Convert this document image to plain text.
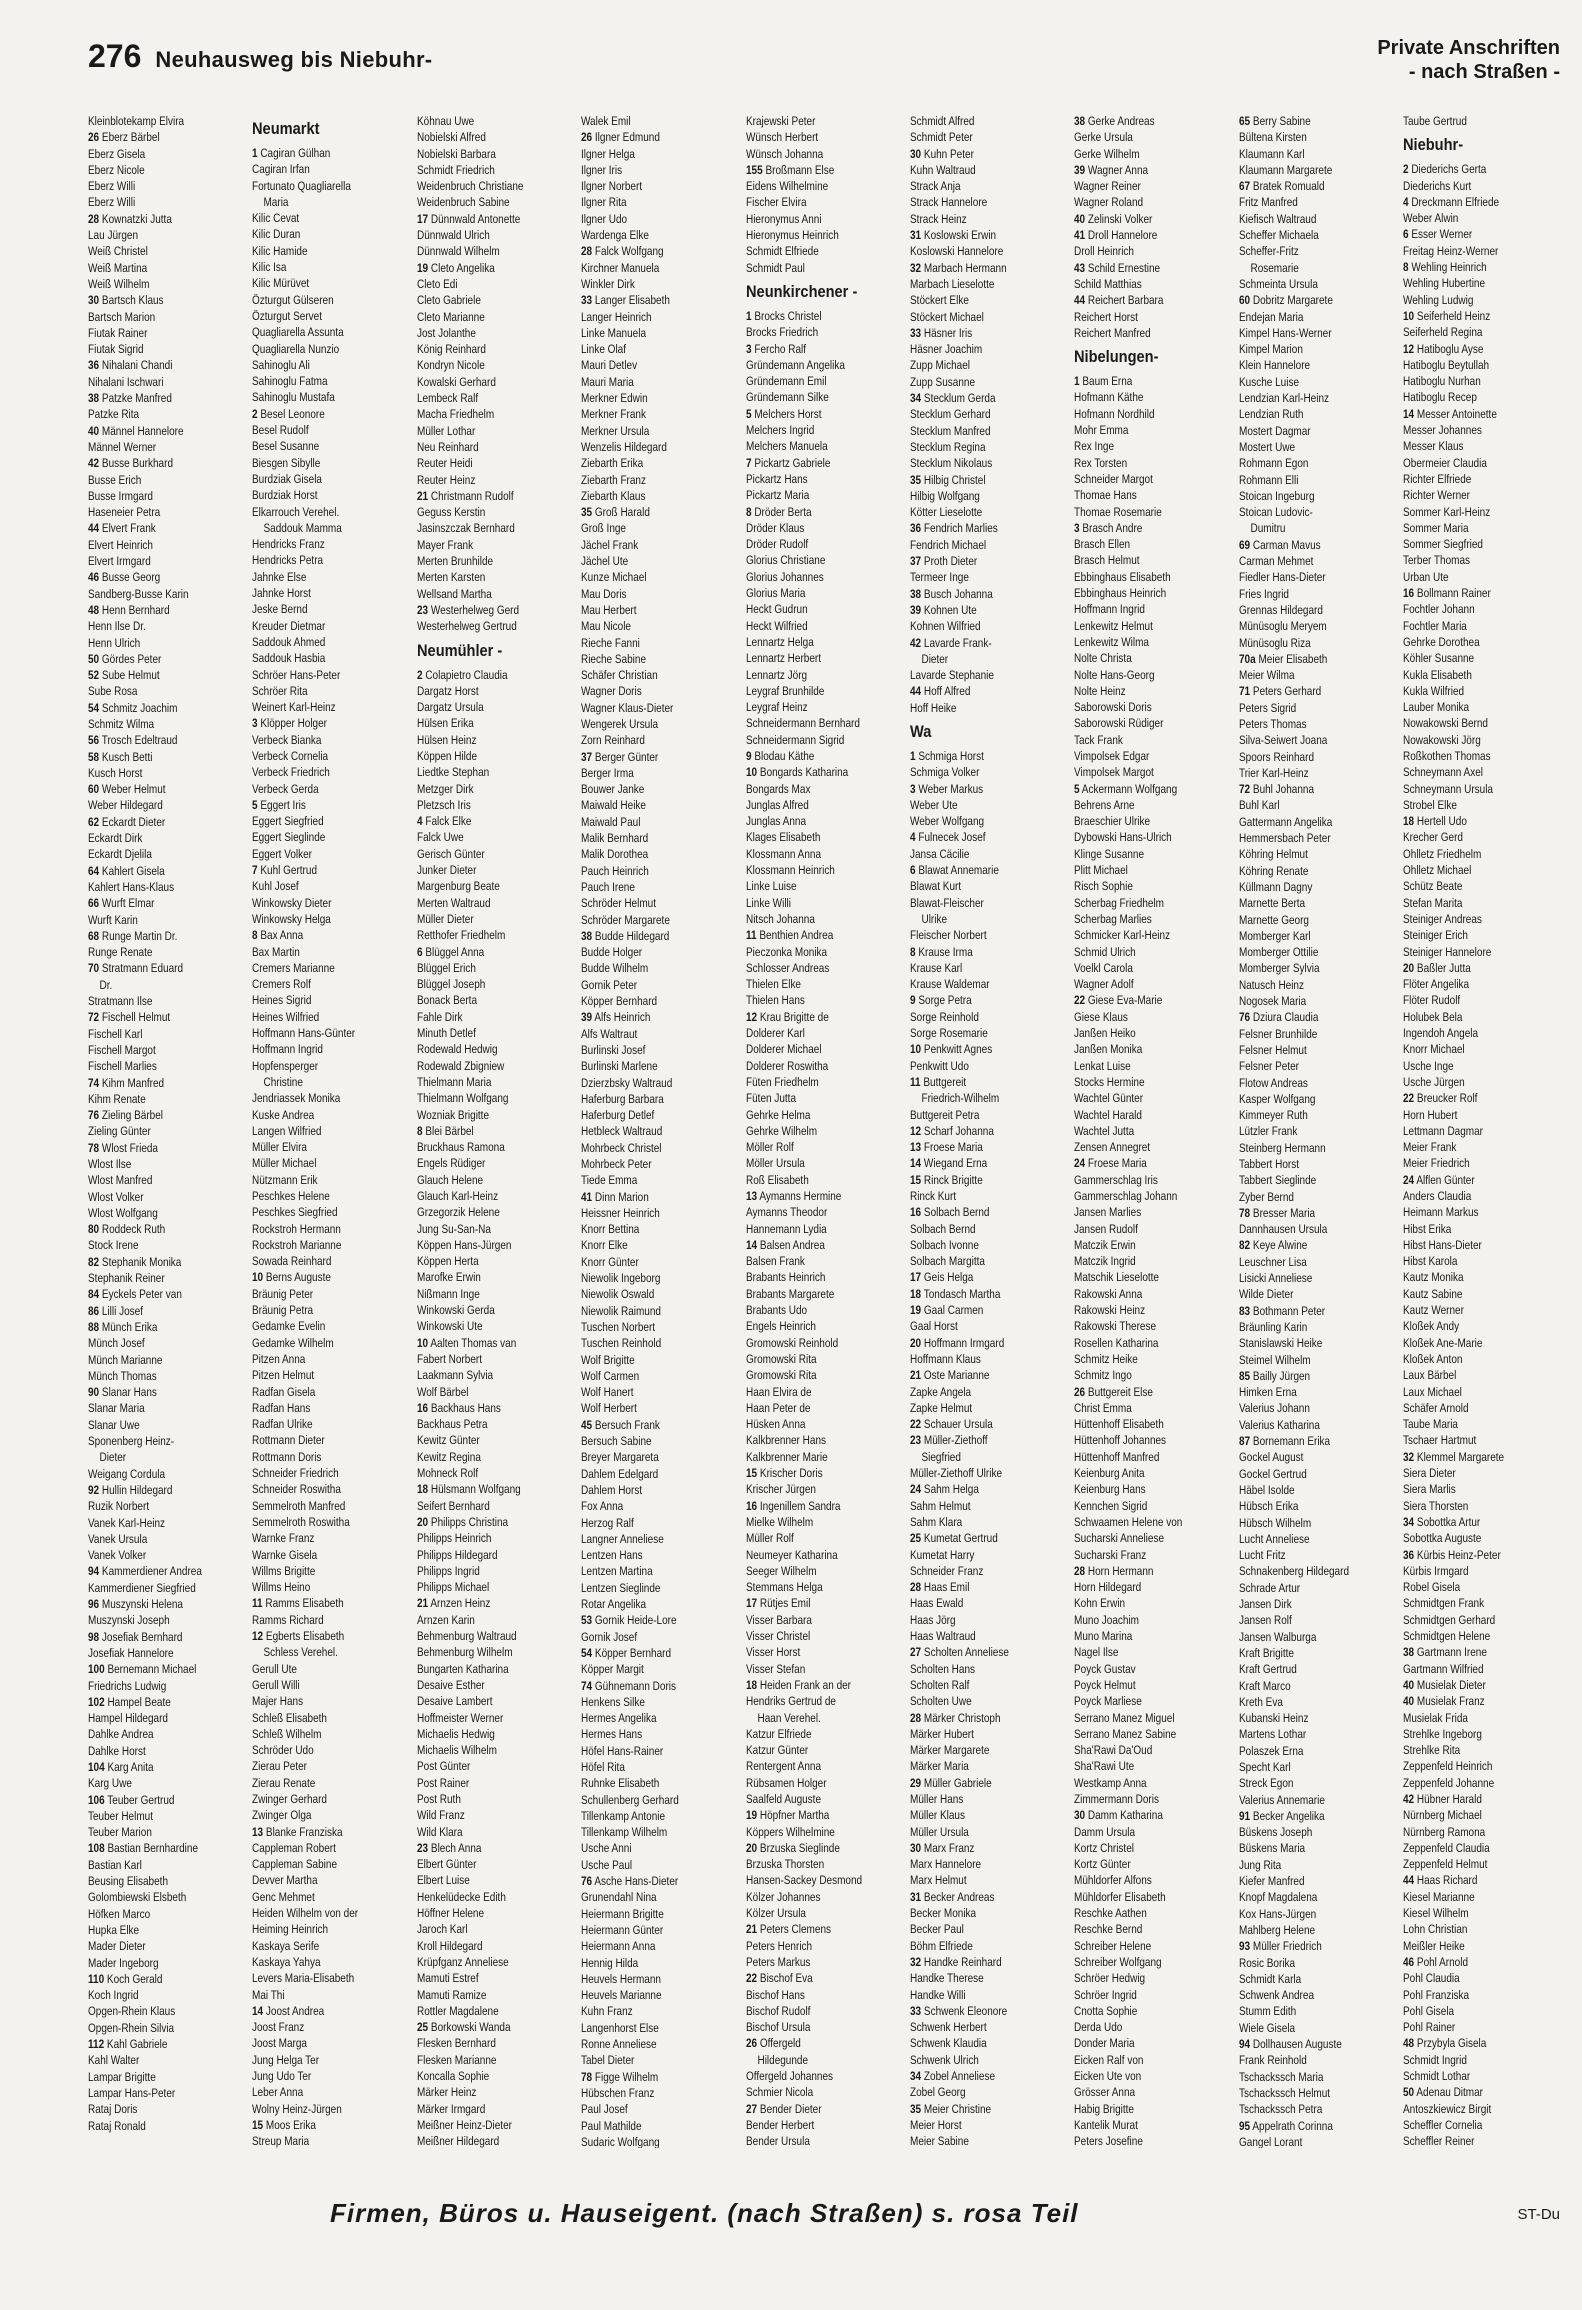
276 Neuhausweg bis Niebuhr-	Private Anschriften
- nach Straßen -
Kleinblotekamp Elvira
26 Eberz Bärbel
Eberz Gisela
Eberz Nicole
Eberz Willi
Eberz Willi
28 Kownatzki Jutta
Lau Jürgen
Weiß Christel
Weiß Martina
Weiß Wilhelm
30 Bartsch Klaus
Bartsch Marion
Fiutak Rainer
Fiutak Sigrid
36 Nihalani Chandi
Nihalani Ischwari
38 Patzke Manfred
Patzke Rita
40 Männel Hannelore
Männel Werner
42 Busse Burkhard
Busse Erich
Busse Irmgard
Haseneier Petra
44 Elvert Frank
Elvert Heinrich
Elvert Irmgard
46 Busse Georg
Sandberg-Busse Karin
48 Henn Bernhard
Henn Ilse Dr.
Henn Ulrich
50 Gördes Peter
52 Sube Helmut
Sube Rosa
54 Schmitz Joachim
Schmitz Wilma
56 Trosch Edeltraud
58 Kusch Betti
Kusch Horst
60 Weber Helmut
Weber Hildegard
62 Eckardt Dieter
Eckardt Dirk
Eckardt Djelila
64 Kahlert Gisela
Kahlert Hans-Klaus
66 Wurft Elmar
Wurft Karin
68 Runge Martin Dr.
Runge Renate
70 Stratmann Eduard
Dr.
Stratmann Ilse
72 Fischell Helmut
Fischell Karl
Fischell Margot
Fischell Marlies
74 Kihm Manfred
Kihm Renate
76 Zieling Bärbel
Zieling Günter
78 Wlost Frieda
Wlost Ilse
Wlost Manfred
Wlost Volker
Wlost Wolfgang
80 Roddeck Ruth
Stock Irene
82 Stephanik Monika
Stephanik Reiner
84 Eyckels Peter van
86 Lilli Josef
88 Münch Erika
Münch Josef
Münch Marianne
Münch Thomas
90 Slanar Hans
Slanar Maria
Slanar Uwe
Sponenberg Heinz-
Dieter
Weigang Cordula
92 Hullin Hildegard
Ruzik Norbert
Vanek Karl-Heinz
Vanek Ursula
Vanek Volker
94 Kammerdiener Andrea
Kammerdiener Siegfried
96 Muszynski Helena
Muszynski Joseph
98 Josefiak Bernhard
Josefiak Hannelore
100 Bernemann Michael
Friedrichs Ludwig
102 Hampel Beate
Hampel Hildegard
Dahlke Andrea
Dahlke Horst
104 Karg Anita
Karg Uwe
106 Teuber Gertrud
Teuber Helmut
Teuber Marion
108 Bastian Bernhardine
Bastian Karl
Beusing Elisabeth
Golombiewski Elsbeth
Höfken Marco
Hupka Elke
Mader Dieter
Mader Ingeborg
110 Koch Gerald
Koch Ingrid
Opgen-Rhein Klaus
Opgen-Rhein Silvia
112 Kahl Gabriele
Kahl Walter
Lampar Brigitte
Lampar Hans-Peter
Rataj Doris
Rataj Ronald
Neumarkt
1 Cagiran Gülhan
Cagiran Irfan
Fortunato Quagliarella
Maria
Kilic Cevat
Kilic Duran
Kilic Hamide
Kilic Isa
Kilic Mürüvet
Özturgut Gülseren
Özturgut Servet
Quagliarella Assunta
Quagliarella Nunzio
Sahinoglu Ali
Sahinoglu Fatma
Sahinoglu Mustafa
2 Besel Leonore
Besel Rudolf
Besel Susanne
Biesgen Sibylle
Burdziak Gisela
Burdziak Horst
Elkarrouch Verehel.
Saddouk Mamma
Hendricks Franz
Hendricks Petra
Jahnke Else
Jahnke Horst
Jeske Bernd
Kreuder Dietmar
Saddouk Ahmed
Saddouk Hasbia
Schröer Hans-Peter
Schröer Rita
Weinert Karl-Heinz
3 Klöpper Holger
Verbeck Bianka
Verbeck Cornelia
Verbeck Friedrich
Verbeck Gerda
5 Eggert Iris
Eggert Siegfried
Eggert Sieglinde
Eggert Volker
7 Kuhl Gertrud
Kuhl Josef
Winkowsky Dieter
Winkowsky Helga
8 Bax Anna
Bax Martin
Cremers Marianne
Cremers Rolf
Heines Sigrid
Heines Wilfried
Hoffmann Hans-Günter
Hoffmann Ingrid
Hopfensperger
Christine
Jendriassek Monika
Kuske Andrea
Langen Wilfried
Müller Elvira
Müller Michael
Nützmann Erik
Peschkes Helene
Peschkes Siegfried
Rockstroh Hermann
Rockstroh Marianne
Sowada Reinhard
10 Berns Auguste
Bräunig Peter
Bräunig Petra
Gedamke Evelin
Gedamke Wilhelm
Pitzen Anna
Pitzen Helmut
Radfan Gisela
Radfan Hans
Radfan Ulrike
Rottmann Dieter
Rottmann Doris
Schneider Friedrich
Schneider Roswitha
Semmelroth Manfred
Semmelroth Roswitha
Warnke Franz
Warnke Gisela
Willms Brigitte
Willms Heino
11 Ramms Elisabeth
Ramms Richard
12 Egberts Elisabeth
Schless Verehel.
Gerull Ute
Gerull Willi
Majer Hans
Schleß Elisabeth
Schleß Wilhelm
Schröder Udo
Zierau Peter
Zierau Renate
Zwinger Gerhard
Zwinger Olga
13 Blanke Franziska
Cappleman Robert
Cappleman Sabine
Devver Martha
Genc Mehmet
Heiden Wilhelm von der
Heiming Heinrich
Kaskaya Serife
Kaskaya Yahya
Levers Maria-Elisabeth
Mai Thi
14 Joost Andrea
Joost Franz
Joost Marga
Jung Helga Ter
Jung Udo Ter
Leber Anna
Wolny Heinz-Jürgen
15 Moos Erika
Streup Maria
Köhnau Uwe
Nobielski Alfred
Nobielski Barbara
Schmidt Friedrich
Weidenbruch Christiane
Weidenbruch Sabine
17 Dünnwald Antonette
Dünnwald Ulrich
Dünnwald Wilhelm
19 Cleto Angelika
Cleto Edi
Cleto Gabriele
Cleto Marianne
Jost Jolanthe
König Reinhard
Kondryn Nicole
Kowalski Gerhard
Lembeck Ralf
Macha Friedhelm
Müller Lothar
Neu Reinhard
Reuter Heidi
Reuter Heinz
21 Christmann Rudolf
Geguss Kerstin
Jasinszczak Bernhard
Mayer Frank
Merten Brunhilde
Merten Karsten
Wellsand Martha
23 Westerhelweg Gerd
Westerhelweg Gertrud
Neumühler -
2 Colapietro Claudia
Dargatz Horst
Dargatz Ursula
Hülsen Erika
Hülsen Heinz
Köppen Hilde
Liedtke Stephan
Metzger Dirk
Pletzsch Iris
4 Falck Elke
Falck Uwe
Gerisch Günter
Junker Dieter
Margenburg Beate
Merten Waltraud
Müller Dieter
Retthofer Friedhelm
6 Blüggel Anna
Blüggel Erich
Blüggel Joseph
Bonack Berta
Fahle Dirk
Minuth Detlef
Rodewald Hedwig
Rodewald Zbigniew
Thielmann Maria
Thielmann Wolfgang
Wozniak Brigitte
8 Blei Bärbel
Bruckhaus Ramona
Engels Rüdiger
Glauch Helene
Glauch Karl-Heinz
Grzegorzik Helene
Jung Su-San-Na
Köppen Hans-Jürgen
Köppen Herta
Marofke Erwin
Nißmann Inge
Winkowski Gerda
Winkowski Ute
10 Aalten Thomas van
Fabert Norbert
Laakmann Sylvia
Wolf Bärbel
16 Backhaus Hans
Backhaus Petra
Kewitz Günter
Kewitz Regina
Mohneck Rolf
18 Hülsmann Wolfgang
Seifert Bernhard
20 Philipps Christina
Philipps Heinrich
Philipps Hildegard
Philipps Ingrid
Philipps Michael
21 Arnzen Heinz
Arnzen Karin
Behmenburg Waltraud
Behmenburg Wilhelm
Bungarten Katharina
Desaive Esther
Desaive Lambert
Hoffmeister Werner
Michaelis Hedwig
Michaelis Wilhelm
Post Günter
Post Rainer
Post Ruth
Wild Franz
Wild Klara
23 Blech Anna
Elbert Günter
Elbert Luise
Henkelüdecke Edith
Höffner Helene
Jaroch Karl
Kroll Hildegard
Krüpfganz Anneliese
Mamuti Estref
Mamuti Ramize
Rottler Magdalene
25 Borkowski Wanda
Flesken Bernhard
Flesken Marianne
Koncalla Sophie
Märker Heinz
Märker Irmgard
Meißner Heinz-Dieter
Meißner Hildegard
Walek Emil
26 Ilgner Edmund
Ilgner Helga
Ilgner Iris
Ilgner Norbert
Ilgner Rita
Ilgner Udo
Wardenga Elke
28 Falck Wolfgang
Kirchner Manuela
Winkler Dirk
33 Langer Elisabeth
Langer Heinrich
Linke Manuela
Linke Olaf
Mauri Detlev
Mauri Maria
Merkner Edwin
Merkner Frank
Merkner Ursula
Wenzelis Hildegard
Ziebarth Erika
Ziebarth Franz
Ziebarth Klaus
35 Groß Harald
Groß Inge
Jächel Frank
Jächel Ute
Kunze Michael
Mau Doris
Mau Herbert
Mau Nicole
Rieche Fanni
Rieche Sabine
Schäfer Christian
Wagner Doris
Wagner Klaus-Dieter
Wengerek Ursula
Zorn Reinhard
37 Berger Günter
Berger Irma
Bouwer Janke
Maiwald Heike
Maiwald Paul
Malik Bernhard
Malik Dorothea
Pauch Heinrich
Pauch Irene
Schröder Helmut
Schröder Margarete
38 Budde Hildegard
Budde Holger
Budde Wilhelm
Gornik Peter
Köpper Bernhard
39 Alfs Heinrich
Alfs Waltraut
Burlinski Josef
Burlinski Marlene
Dzierzbsky Waltraud
Haferburg Barbara
Haferburg Detlef
Hetbleck Waltraud
Mohrbeck Christel
Mohrbeck Peter
Tiede Emma
41 Dinn Marion
Heissner Heinrich
Knorr Bettina
Knorr Elke
Knorr Günter
Niewolik Ingeborg
Niewolik Oswald
Niewolik Raimund
Tuschen Norbert
Tuschen Reinhold
Wolf Brigitte
Wolf Carmen
Wolf Hanert
Wolf Herbert
45 Bersuch Frank
Bersuch Sabine
Breyer Margareta
Dahlem Edelgard
Dahlem Horst
Fox Anna
Herzog Ralf
Langner Anneliese
Lentzen Hans
Lentzen Martina
Lentzen Sieglinde
Rotar Angelika
53 Gornik Heide-Lore
Gornik Josef
54 Köpper Bernhard
Köpper Margit
74 Gühnemann Doris
Henkens Silke
Hermes Angelika
Hermes Hans
Höfel Hans-Rainer
Höfel Rita
Ruhnke Elisabeth
Schullenberg Gerhard
Tillenkamp Antonie
Tillenkamp Wilhelm
Usche Anni
Usche Paul
76 Asche Hans-Dieter
Grunendahl Nina
Heiermann Brigitte
Heiermann Günter
Heiermann Anna
Hennig Hilda
Heuvels Hermann
Heuvels Marianne
Kuhn Franz
Langenhorst Else
Ronne Anneliese
Tabel Dieter
78 Figge Wilhelm
Hübschen Franz
Paul Josef
Paul Mathilde
Sudaric Wolfgang
Krajewski Peter
Wünsch Herbert
Wünsch Johanna
155 Broßmann Else
Eidens Wilhelmine
Fischer Elvira
Hieronymus Anni
Hieronymus Heinrich
Schmidt Elfriede
Schmidt Paul
Neunkirchener -
1 Brocks Christel
Brocks Friedrich
3 Fercho Ralf
Gründemann Angelika
Gründemann Emil
Gründemann Silke
5 Melchers Horst
Melchers Ingrid
Melchers Manuela
7 Pickartz Gabriele
Pickartz Hans
Pickartz Maria
8 Dröder Berta
Dröder Klaus
Dröder Rudolf
Glorius Christiane
Glorius Johannes
Glorius Maria
Heckt Gudrun
Heckt Wilfried
Lennartz Helga
Lennartz Herbert
Lennartz Jörg
Leygraf Brunhilde
Leygraf Heinz
Schneidermann Bernhard
Schneidermann Sigrid
9 Blodau Käthe
10 Bongards Katharina
Bongards Max
Junglas Alfred
Junglas Anna
Klages Elisabeth
Klossmann Anna
Klossmann Heinrich
Linke Luise
Linke Willi
Nitsch Johanna
11 Benthien Andrea
Pieczonka Monika
Schlosser Andreas
Thielen Elke
Thielen Hans
12 Krau Brigitte de
Dolderer Karl
Dolderer Michael
Dolderer Roswitha
Füten Friedhelm
Füten Jutta
Gehrke Helma
Gehrke Wilhelm
Möller Rolf
Möller Ursula
Roß Elisabeth
13 Aymanns Hermine
Aymanns Theodor
Hannemann Lydia
14 Balsen Andrea
Balsen Frank
Brabants Heinrich
Brabants Margarete
Brabants Udo
Engels Heinrich
Gromowski Reinhold
Gromowski Rita
Gromowski Rita
Haan Elvira de
Haan Peter de
Hüsken Anna
Kalkbrenner Hans
Kalkbrenner Marie
15 Krischer Doris
Krischer Jürgen
16 Ingenillem Sandra
Mielke Wilhelm
Müller Rolf
Neumeyer Katharina
Seeger Wilhelm
Stemmans Helga
17 Rütjes Emil
Visser Barbara
Visser Christel
Visser Horst
Visser Stefan
18 Heiden Frank an der
Hendriks Gertrud de
Haan Verehel.
Katzur Elfriede
Katzur Günter
Rentergent Anna
Rübsamen Holger
Saalfeld Auguste
19 Höpfner Martha
Köppers Wilhelmine
20 Brzuska Sieglinde
Brzuska Thorsten
Hansen-Sackey Desmond
Kölzer Johannes
Kölzer Ursula
21 Peters Clemens
Peters Henrich
Peters Markus
22 Bischof Eva
Bischof Hans
Bischof Rudolf
Bischof Ursula
26 Offergeld
Hildegunde
Offergeld Johannes
Schmier Nicola
27 Bender Dieter
Bender Herbert
Bender Ursula
Schmidt Alfred
Schmidt Peter
30 Kuhn Peter
Kuhn Waltraud
Strack Anja
Strack Hannelore
Strack Heinz
31 Koslowski Erwin
Koslowski Hannelore
32 Marbach Hermann
Marbach Lieselotte
Stöckert Elke
Stöckert Michael
33 Häsner Iris
Häsner Joachim
Zupp Michael
Zupp Susanne
34 Stecklum Gerda
Stecklum Gerhard
Stecklum Manfred
Stecklum Regina
Stecklum Nikolaus
35 Hilbig Christel
Hilbig Wolfgang
Kötter Lieselotte
36 Fendrich Marlies
Fendrich Michael
37 Proth Dieter
Termeer Inge
38 Busch Johanna
39 Kohnen Ute
Kohnen Wilfried
42 Lavarde Frank-
Dieter
Lavarde Stephanie
44 Hoff Alfred
Hoff Heike
Wa
1 Schmiga Horst
Schmiga Volker
3 Weber Markus
Weber Ute
Weber Wolfgang
4 Fulnecek Josef
Jansa Cäcilie
6 Blawat Annemarie
Blawat Kurt
Blawat-Fleischer
Ulrike
Fleischer Norbert
8 Krause Irma
Krause Karl
Krause Waldemar
9 Sorge Petra
Sorge Reinhold
Sorge Rosemarie
10 Penkwitt Agnes
Penkwitt Udo
11 Buttgereit
Friedrich-Wilhelm
Buttgereit Petra
12 Scharf Johanna
13 Froese Maria
14 Wiegand Erna
15 Rinck Brigitte
Rinck Kurt
16 Solbach Bernd
Solbach Bernd
Solbach Ivonne
Solbach Margitta
17 Geis Helga
18 Tondasch Martha
19 Gaal Carmen
Gaal Horst
20 Hoffmann Irmgard
Hoffmann Klaus
21 Oste Marianne
Zapke Angela
Zapke Helmut
22 Schauer Ursula
23 Müller-Ziethoff
Siegfried
Müller-Ziethoff Ulrike
24 Sahm Helga
Sahm Helmut
Sahm Klara
25 Kumetat Gertrud
Kumetat Harry
Schneider Franz
28 Haas Emil
Haas Ewald
Haas Jörg
Haas Waltraud
27 Scholten Anneliese
Scholten Hans
Scholten Ralf
Scholten Uwe
28 Märker Christoph
Märker Hubert
Märker Margarete
Märker Maria
29 Müller Gabriele
Müller Hans
Müller Klaus
Müller Ursula
30 Marx Franz
Marx Hannelore
Marx Helmut
31 Becker Andreas
Becker Monika
Becker Paul
Böhm Elfriede
32 Handke Reinhard
Handke Therese
Handke Willi
33 Schwenk Eleonore
Schwenk Herbert
Schwenk Klaudia
Schwenk Ulrich
34 Zobel Anneliese
Zobel Georg
35 Meier Christine
Meier Horst
Meier Sabine
38 Gerke Andreas
Gerke Ursula
Gerke Wilhelm
39 Wagner Anna
Wagner Reiner
Wagner Roland
40 Zelinski Volker
41 Droll Hannelore
Droll Heinrich
43 Schild Ernestine
Schild Matthias
44 Reichert Barbara
Reichert Horst
Reichert Manfred
Nibelungen-
1 Baum Erna
Hofmann Käthe
Hofmann Nordhild
Mohr Emma
Rex Inge
Rex Torsten
Schneider Margot
Thomae Hans
Thomae Rosemarie
3 Brasch Andre
Brasch Ellen
Brasch Helmut
Ebbinghaus Elisabeth
Ebbinghaus Heinrich
Hoffmann Ingrid
Lenkewitz Helmut
Lenkewitz Wilma
Nolte Christa
Nolte Hans-Georg
Nolte Heinz
Saborowski Doris
Saborowski Rüdiger
Tack Frank
Vimpolsek Edgar
Vimpolsek Margot
5 Ackermann Wolfgang
Behrens Arne
Braeschier Ulrike
Dybowski Hans-Ulrich
Klinge Susanne
Plitt Michael
Risch Sophie
Scherbag Friedhelm
Scherbag Marlies
Schmicker Karl-Heinz
Schmid Ulrich
Voelkl Carola
Wagner Adolf
22 Giese Eva-Marie
Giese Klaus
Janßen Heiko
Janßen Monika
Lenkat Luise
Stocks Hermine
Wachtel Günter
Wachtel Harald
Wachtel Jutta
Zensen Annegret
24 Froese Maria
Gammerschlag Iris
Gammerschlag Johann
Jansen Marlies
Jansen Rudolf
Matczik Erwin
Matczik Ingrid
Matschik Lieselotte
Rakowski Anna
Rakowski Heinz
Rakowski Therese
Rosellen Katharina
Schmitz Heike
Schmitz Ingo
26 Buttgereit Else
Christ Emma
Hüttenhoff Elisabeth
Hüttenhoff Johannes
Hüttenhoff Manfred
Keienburg Anita
Keienburg Hans
Kennchen Sigrid
Schwaamen Helene von
Sucharski Anneliese
Sucharski Franz
28 Horn Hermann
Horn Hildegard
Kohn Erwin
Muno Joachim
Muno Marina
Nagel Ilse
Poyck Gustav
Poyck Helmut
Poyck Marliese
Serrano Manez Miguel
Serrano Manez Sabine
Sha'Rawi Da'Oud
Sha'Rawi Ute
Westkamp Anna
Zimmermann Doris
30 Damm Katharina
Damm Ursula
Kortz Christel
Kortz Günter
Mühldorfer Alfons
Mühldorfer Elisabeth
Reschke Aathen
Reschke Bernd
Schreiber Helene
Schreiber Wolfgang
Schröer Hedwig
Schröer Ingrid
Cnotta Sophie
Derda Udo
Donder Maria
Eicken Ralf von
Eicken Ute von
Grösser Anna
Habig Brigitte
Kantelik Murat
Peters Josefine
65 Berry Sabine
Bültena Kirsten
Klaumann Karl
Klaumann Margarete
67 Bratek Romuald
Fritz Manfred
Kiefisch Waltraud
Scheffer Michaela
Scheffer-Fritz
Rosemarie
Schmeinta Ursula
60 Dobritz Margarete
Endejan Maria
Kimpel Hans-Werner
Kimpel Marion
Klein Hannelore
Kusche Luise
Lendzian Karl-Heinz
Lendzian Ruth
Mostert Dagmar
Mostert Uwe
Rohmann Egon
Rohmann Elli
Stoican Ingeburg
Stoican Ludovic-
Dumitru
69 Carman Mavus
Carman Mehmet
Fiedler Hans-Dieter
Fries Ingrid
Grennas Hildegard
Münüsoglu Meryem
Münüsoglu Riza
70a Meier Elisabeth
Meier Wilma
71 Peters Gerhard
Peters Sigrid
Peters Thomas
Silva-Seiwert Joana
Spoors Reinhard
Trier Karl-Heinz
72 Buhl Johanna
Buhl Karl
Gattermann Angelika
Hemmersbach Peter
Köhring Helmut
Köhring Renate
Küllmann Dagny
Marnette Berta
Marnette Georg
Momberger Karl
Momberger Ottilie
Momberger Sylvia
Natusch Heinz
Nogosek Maria
76 Dziura Claudia
Felsner Brunhilde
Felsner Helmut
Felsner Peter
Flotow Andreas
Kasper Wolfgang
Kimmeyer Ruth
Lützler Frank
Steinberg Hermann
Tabbert Horst
Tabbert Sieglinde
Zyber Bernd
78 Bresser Maria
Dannhausen Ursula
82 Keye Alwine
Leuschner Lisa
Lisicki Anneliese
Wilde Dieter
83 Bothmann Peter
Bräunling Karin
Stanislawski Heike
Steimel Wilhelm
85 Bailly Jürgen
Himken Erna
Valerius Johann
Valerius Katharina
87 Bornemann Erika
Gockel August
Gockel Gertrud
Häbel Isolde
Hübsch Erika
Hübsch Wilhelm
Lucht Anneliese
Lucht Fritz
Schnakenberg Hildegard
Schrade Artur
Jansen Dirk
Jansen Rolf
Jansen Walburga
Kraft Brigitte
Kraft Gertrud
Kraft Marco
Kreth Eva
Kubanski Heinz
Martens Lothar
Polaszek Erna
Specht Karl
Streck Egon
Valerius Annemarie
91 Becker Angelika
Büskens Joseph
Büskens Maria
Jung Rita
Kiefer Manfred
Knopf Magdalena
Kox Hans-Jürgen
Mahlberg Helene
93 Müller Friedrich
Rosic Borika
Schmidt Karla
Schwenk Andrea
Stumm Edith
Wiele Gisela
94 Dollhausen Auguste
Frank Reinhold
Tschackssch Maria
Tschackssch Helmut
Tschackssch Petra
95 Appelrath Corinna
Gangel Lorant
Taube Gertrud
Niebuhr-
2 Diederichs Gerta
Diederichs Kurt
4 Dreckmann Elfriede
Weber Alwin
6 Esser Werner
Freitag Heinz-Werner
8 Wehling Heinrich
Wehling Hubertine
Wehling Ludwig
10 Seiferheld Heinz
Seiferheld Regina
12 Hatiboglu Ayse
Hatiboglu Beytullah
Hatiboglu Nurhan
Hatiboglu Recep
14 Messer Antoinette
Messer Johannes
Messer Klaus
Obermeier Claudia
Richter Elfriede
Richter Werner
Sommer Karl-Heinz
Sommer Maria
Sommer Siegfried
Terber Thomas
Urban Ute
16 Bollmann Rainer
Fochtler Johann
Fochtler Maria
Gehrke Dorothea
Köhler Susanne
Kukla Elisabeth
Kukla Wilfried
Lauber Monika
Nowakowski Bernd
Nowakowski Jörg
Roßkothen Thomas
Schneymann Axel
Schneymann Ursula
Strobel Elke
18 Hertell Udo
Krecher Gerd
Ohlletz Friedhelm
Ohlletz Michael
Schütz Beate
Stefan Marita
Steiniger Andreas
Steiniger Erich
Steiniger Hannelore
20 Baßler Jutta
Flöter Angelika
Flöter Rudolf
Holubek Bela
Ingendoh Angela
Knorr Michael
Usche Inge
Usche Jürgen
22 Breucker Rolf
Horn Hubert
Lettmann Dagmar
Meier Frank
Meier Friedrich
24 Alflen Günter
Anders Claudia
Heimann Markus
Hibst Erika
Hibst Hans-Dieter
Hibst Karola
Kautz Monika
Kautz Sabine
Kautz Werner
Kloßek Andy
Kloßek Ane-Marie
Kloßek Anton
Laux Bärbel
Laux Michael
Schäfer Arnold
Taube Maria
Tschaer Hartmut
32 Klemmel Margarete
Siera Dieter
Siera Marlis
Siera Thorsten
34 Sobottka Artur
Sobottka Auguste
36 Kürbis Heinz-Peter
Kürbis Irmgard
Robel Gisela
Schmidtgen Frank
Schmidtgen Gerhard
Schmidtgen Helene
38 Gartmann Irene
Gartmann Wilfried
40 Musielak Dieter
40 Musielak Franz
Musielak Frida
Strehlke Ingeborg
Strehlke Rita
Zeppenfeld Heinrich
Zeppenfeld Johanne
42 Hübner Harald
Nürnberg Michael
Nürnberg Ramona
Zeppenfeld Claudia
Zeppenfeld Helmut
44 Haas Richard
Kiesel Marianne
Kiesel Wilhelm
Lohn Christian
Meißler Heike
46 Pohl Arnold
Pohl Claudia
Pohl Franziska
Pohl Gisela
Pohl Rainer
48 Przybyla Gisela
Schmidt Ingrid
Schmidt Lothar
50 Adenau Ditmar
Antoszkiewicz Birgit
Scheffler Cornelia
Scheffler Reiner
Firmen, Büros u. Hauseigent. (nach Straßen) s. rosa Teil	ST-Du
